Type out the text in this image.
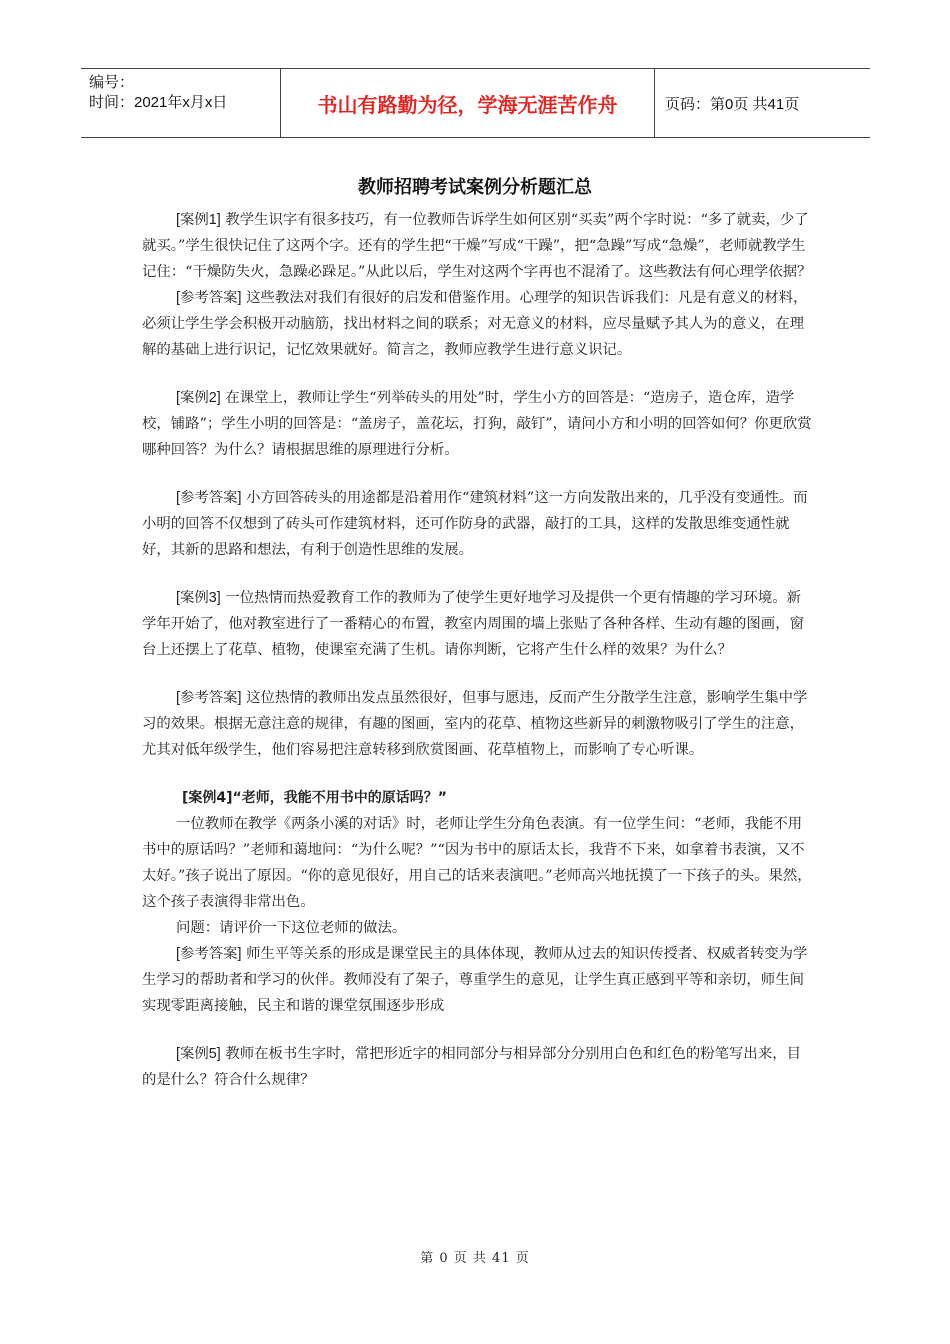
编号：
时间：2021年x月x日	书山有路勤为径，学海无涯苦作舟	页码：第0页 共41页
教师招聘考试案例分析题汇总

[案例1] 教学生识字有很多技巧，有一位教师告诉学生如何区别“买卖”两个字时说：“多了就卖，少了就买。”学生很快记住了这两个字。还有的学生把“干燥”写成“干躁”，把“急躁”写成“急燥”，老师就教学生记住：“干燥防失火，急躁必跺足。”从此以后，学生对这两个字再也不混淆了。这些教法有何心理学依据？

[参考答案] 这些教法对我们有很好的启发和借鉴作用。心理学的知识告诉我们：凡是有意义的材料，必须让学生学会积极开动脑筋，找出材料之间的联系；对无意义的材料，应尽量赋予其人为的意义，在理解的基础上进行识记，记忆效果就好。简言之，教师应教学生进行意义识记。

[案例2] 在课堂上，教师让学生“列举砖头的用处”时，学生小方的回答是：“造房子，造仓库，造学校，铺路”；学生小明的回答是：“盖房子，盖花坛，打狗，敲钉”，请问小方和小明的回答如何？你更欣赏哪种回答？为什么？请根据思维的原理进行分析。

[参考答案] 小方回答砖头的用途都是沿着用作“建筑材料”这一方向发散出来的，几乎没有变通性。而小明的回答不仅想到了砖头可作建筑材料，还可作防身的武器，敲打的工具，这样的发散思维变通性就好，其新的思路和想法，有利于创造性思维的发展。

[案例3] 一位热情而热爱教育工作的教师为了使学生更好地学习及提供一个更有情趣的学习环境。新学年开始了，他对教室进行了一番精心的布置，教室内周围的墙上张贴了各种各样、生动有趣的图画，窗台上还摆上了花草、植物，使课室充满了生机。请你判断，它将产生什么样的效果？为什么？

[参考答案] 这位热情的教师出发点虽然很好，但事与愿违，反而产生分散学生注意，影响学生集中学习的效果。根据无意注意的规律，有趣的图画，室内的花草、植物这些新异的刺激物吸引了学生的注意，尤其对低年级学生，他们容易把注意转移到欣赏图画、花草植物上，而影响了专心听课。

[案例4]“老师，我能不用书中的原话吗？”

一位教师在教学《两条小溪的对话》时，老师让学生分角色表演。有一位学生问：“老师，我能不用书中的原话吗？”老师和蔼地问：“为什么呢？”“因为书中的原话太长，我背不下来，如拿着书表演，又不太好。”孩子说出了原因。“你的意见很好，用自己的话来表演吧。”老师高兴地抚摸了一下孩子的头。果然，这个孩子表演得非常出色。

问题：请评价一下这位老师的做法。

[参考答案] 师生平等关系的形成是课堂民主的具体体现，教师从过去的知识传授者、权威者转变为学生学习的帮助者和学习的伙伴。教师没有了架子，尊重学生的意见，让学生真正感到平等和亲切，师生间实现零距离接触，民主和谐的课堂氛围逐步形成

[案例5] 教师在板书生字时，常把形近字的相同部分与相异部分分别用白色和红色的粉笔写出来，目的是什么？符合什么规律？

第 0 页 共 41 页
